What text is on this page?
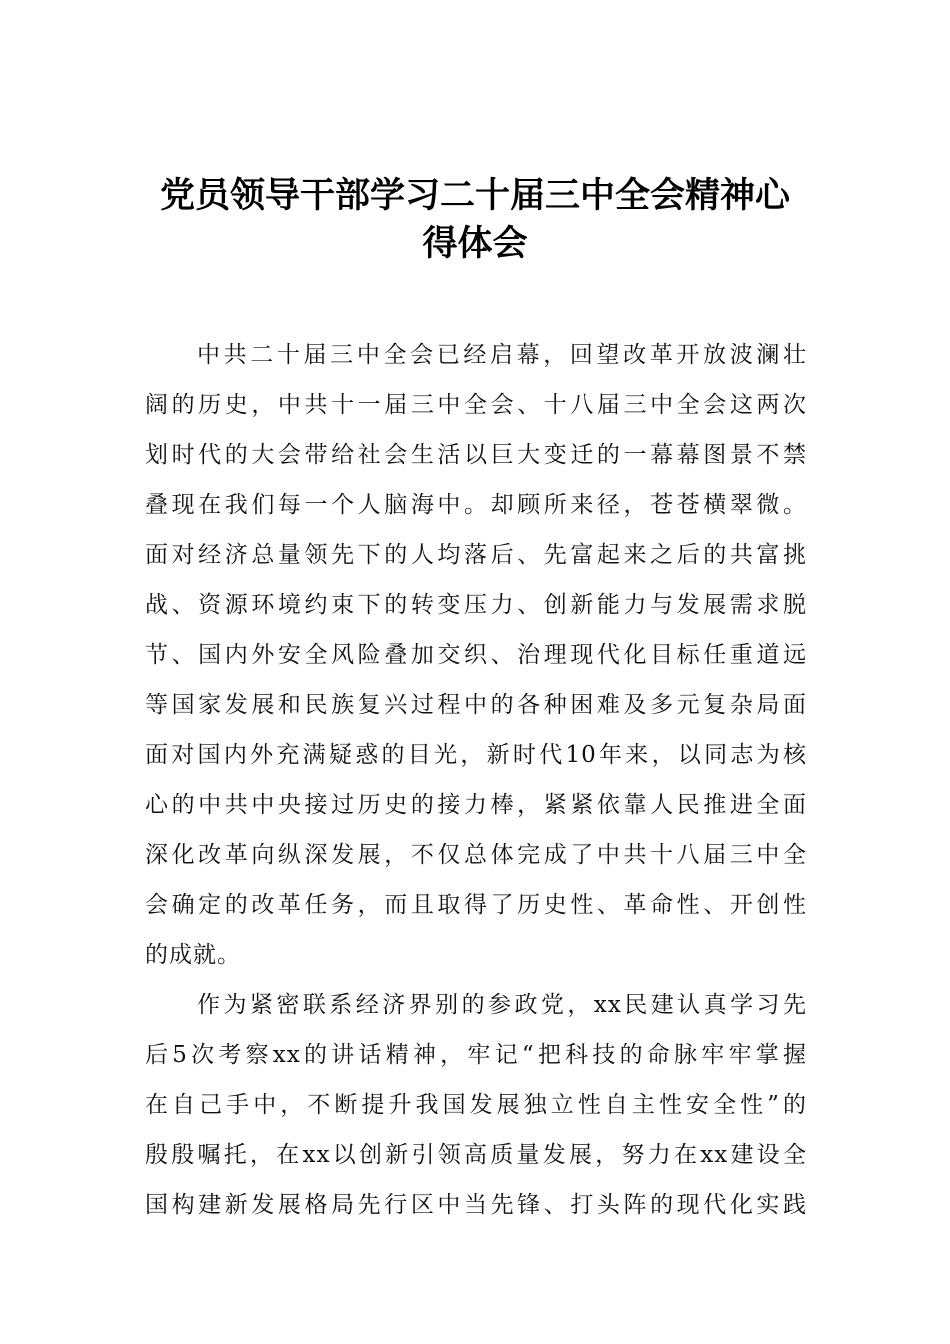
党员领导干部学习二十届三中全会精神心
得体会
中共二十届三中全会已经启幕，回望改革开放波澜壮
阔的历史，中共十一届三中全会、十八届三中全会这两次
划时代的大会带给社会生活以巨大变迁的一幕幕图景不禁
叠现在我们每一个人脑海中。却顾所来径，苍苍横翠微。
面对经济总量领先下的人均落后、先富起来之后的共富挑
战、资源环境约束下的转变压力、创新能力与发展需求脱
节、国内外安全风险叠加交织、治理现代化目标任重道远
等国家发展和民族复兴过程中的各种困难及多元复杂局面
面对国内外充满疑惑的目光，新时代10年来，以同志为核
心的中共中央接过历史的接力棒，紧紧依靠人民推进全面
深化改革向纵深发展，不仅总体完成了中共十八届三中全
会确定的改革任务，而且取得了历史性、革命性、开创性
的成就。
作为紧密联系经济界别的参政党，xx民建认真学习先
后5次考察xx的讲话精神，牢记“把科技的命脉牢牢掌握
在自己手中，不断提升我国发展独立性自主性安全性”的
殷殷嘱托，在xx以创新引领高质量发展，努力在xx建设全
国构建新发展格局先行区中当先锋、打头阵的现代化实践
